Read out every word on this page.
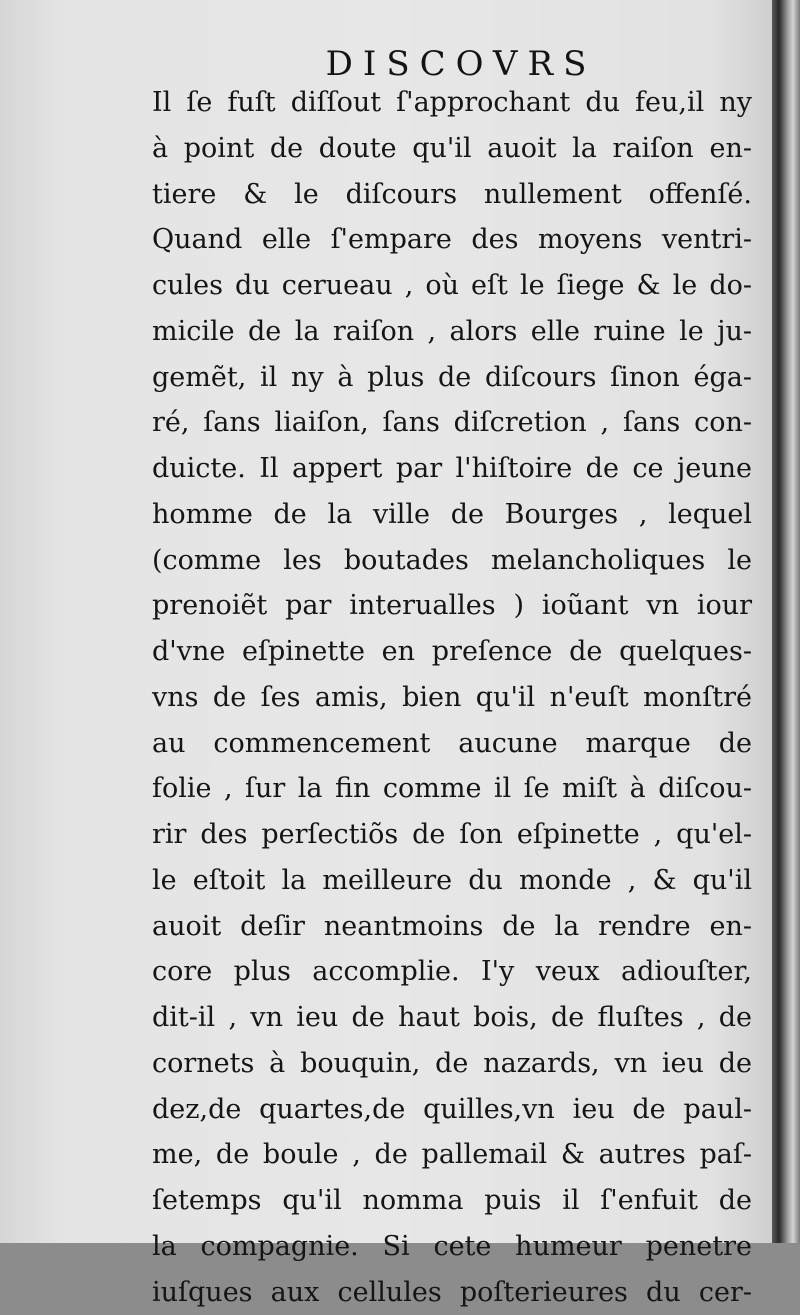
DISCOVRS
Il ſe fuſt diſſout ſ'approchant du feu,il ny
à point de doute qu'il auoit la raiſon en-
tiere & le diſcours nullement offenſé.
Quand elle ſ'empare des moyens ventri-
cules du cerueau , où eſt le ſiege & le do-
micile de la raiſon , alors elle ruine le ju-
gemẽt, il ny à plus de diſcours ſinon éga-
ré, ſans liaiſon, ſans diſcretion , ſans con-
duicte. Il appert par l'hiſtoire de ce jeune
homme de la ville de Bourges , lequel
(comme les boutades melancholiques le
prenoiẽt par interualles ) ioũant vn iour
d'vne eſpinette en preſence de quelques-
vns de ſes amis, bien qu'il n'euſt monſtré
au commencement aucune marque de
folie , ſur la fin comme il ſe miſt à diſcou-
rir des perſectiõs de ſon eſpinette , qu'el-
le eſtoit la meilleure du monde , & qu'il
auoit deſir neantmoins de la rendre en-
core plus accomplie. I'y veux adiouſter,
dit-il , vn ieu de haut bois, de fluſtes , de
cornets à bouquin, de nazards, vn ieu de
dez,de quartes,de quilles,vn ieu de paul-
me, de boule , de pallemail & autres paſ-
ſetemps qu'il nomma puis il ſ'enfuit de
la compagnie. Si cete humeur penetre
iuſques aux cellules poſterieures du cer-
